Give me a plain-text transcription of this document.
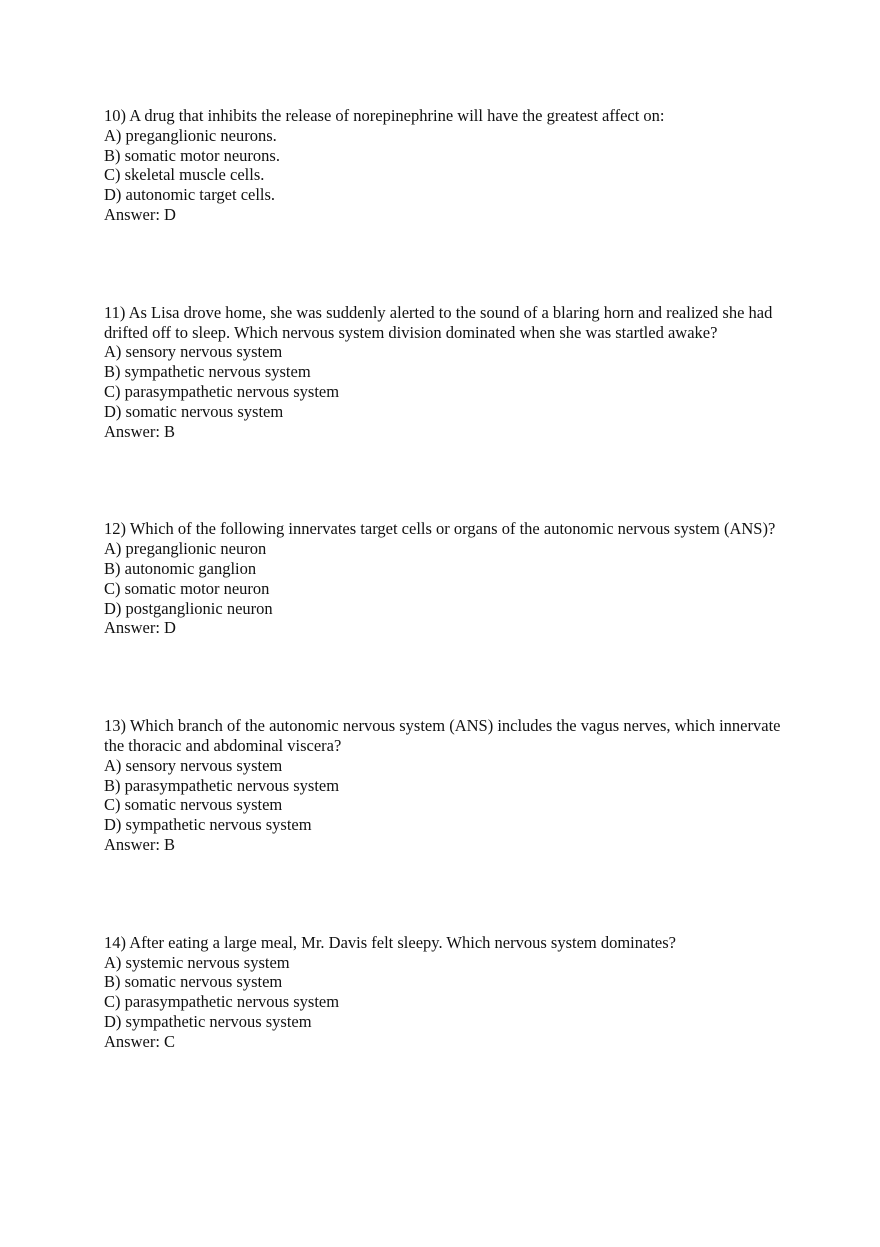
10) A drug that inhibits the release of norepinephrine will have the greatest affect on:
A) preganglionic neurons.
B) somatic motor neurons.
C) skeletal muscle cells.
D) autonomic target cells.
Answer: D
11) As Lisa drove home, she was suddenly alerted to the sound of a blaring horn and realized she had drifted off to sleep. Which nervous system division dominated when she was startled awake?
A) sensory nervous system
B) sympathetic nervous system
C) parasympathetic nervous system
D) somatic nervous system
Answer: B
12) Which of the following innervates target cells or organs of the autonomic nervous system (ANS)?
A) preganglionic neuron
B) autonomic ganglion
C) somatic motor neuron
D) postganglionic neuron
Answer: D
13) Which branch of the autonomic nervous system (ANS) includes the vagus nerves, which innervate the thoracic and abdominal viscera?
A) sensory nervous system
B) parasympathetic nervous system
C) somatic nervous system
D) sympathetic nervous system
Answer: B
14) After eating a large meal, Mr. Davis felt sleepy. Which nervous system dominates?
A) systemic nervous system
B) somatic nervous system
C) parasympathetic nervous system
D) sympathetic nervous system
Answer: C
